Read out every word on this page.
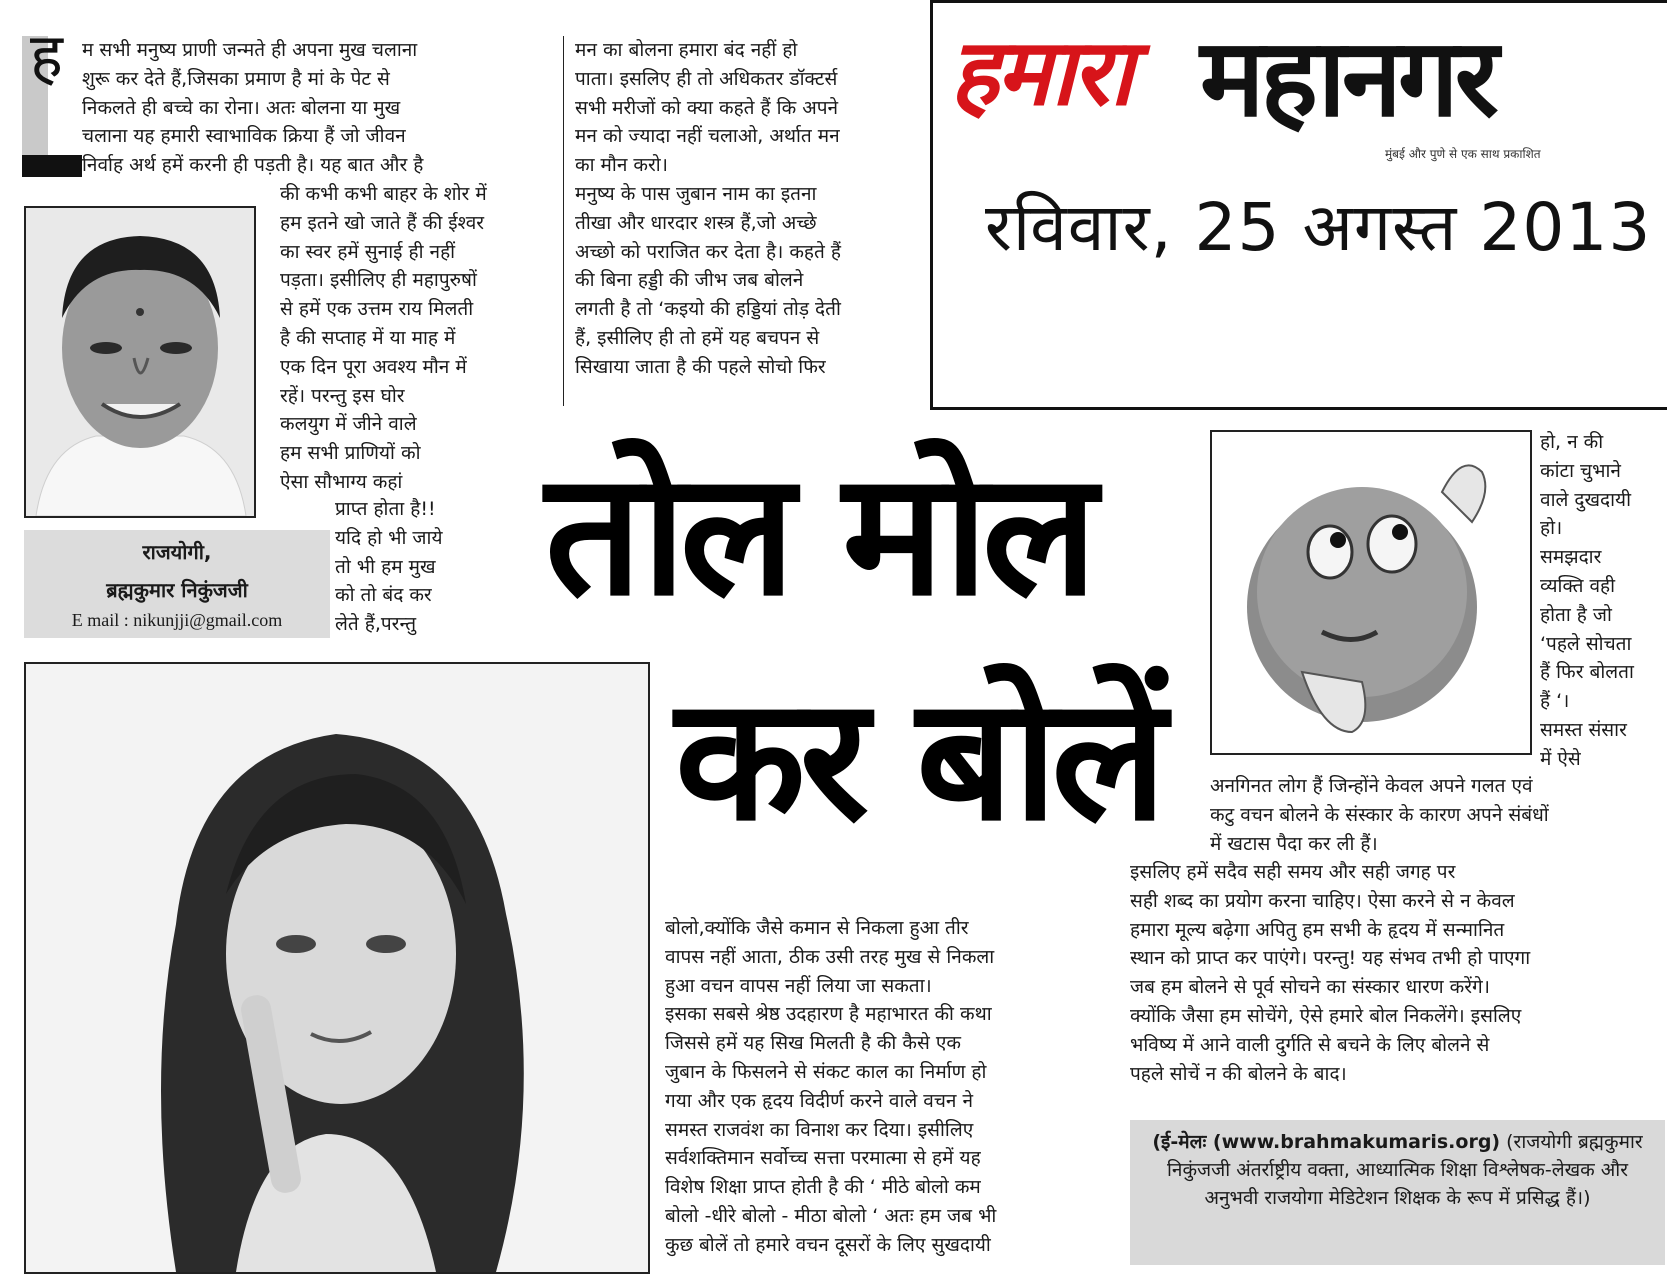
हमारा महानगर
मुंबई और पुणे से एक साथ प्रकाशित
रविवार, 25 अगस्त 2013
ह म सभी मनुष्य प्राणी जन्मते ही अपना मुख चलाना
शुरू कर देते हैं,जिसका प्रमाण है मां के पेट से
निकलते ही बच्चे का रोना। अतः बोलना या मुख
चलाना यह हमारी स्वाभाविक क्रिया हैं जो जीवन
निर्वाह अर्थ हमें करनी ही पड़ती है। यह बात और है
की कभी कभी बाहर के शोर में
हम इतने खो जाते हैं की ईश्वर
का स्वर हमें सुनाई ही नहीं
पड़ता। इसीलिए ही महापुरुषों
से हमें एक उत्तम राय मिलती
है की सप्ताह में या माह में
एक दिन पूरा अवश्य मौन में
रहें। परन्तु इस घोर
कलयुग में जीने वाले
हम सभी प्राणियों को
ऐसा सौभाग्य कहां
प्राप्त होता है!!
यदि हो भी जाये
तो भी हम मुख
को तो बंद कर
लेते हैं,परन्तु
राजयोगी,
ब्रह्मकुमार निकुंजजी
E mail : nikunjji@gmail.com
मन का बोलना हमारा बंद नहीं हो
पाता। इसलिए ही तो अधिकतर डॉक्टर्स
सभी मरीजों को क्या कहते हैं कि अपने
मन को ज्यादा नहीं चलाओ, अर्थात मन
का मौन करो।
मनुष्य के पास जुबान नाम का इतना
तीखा और धारदार शस्त्र हैं,जो अच्छे
अच्छो को पराजित कर देता है। कहते हैं
की बिना हड्डी की जीभ जब बोलने
लगती है तो ‘कइयो की हड्डियां तोड़ देती
हैं, इसीलिए ही तो हमें यह बचपन से
सिखाया जाता है की पहले सोचो फिर
तोल मोल
कर बोलें
बोलो,क्योंकि जैसे कमान से निकला हुआ तीर
वापस नहीं आता, ठीक उसी तरह मुख से निकला
हुआ वचन वापस नहीं लिया जा सकता।
इसका सबसे श्रेष्ठ उदहारण है महाभारत की कथा
जिससे हमें यह सिख मिलती है की कैसे एक
जुबान के फिसलने से संकट काल का निर्माण हो
गया और एक हृदय विदीर्ण करने वाले वचन ने
समस्त राजवंश का विनाश कर दिया। इसीलिए
सर्वशक्तिमान सर्वोच्च सत्ता परमात्मा से हमें यह
विशेष शिक्षा प्राप्त होती है की ‘ मीठे बोलो कम
बोलो -धीरे बोलो - मीठा बोलो ‘ अतः हम जब भी
कुछ बोलें तो हमारे वचन दूसरों के लिए सुखदायी
हो, न की
कांटा चुभाने
वाले दुखदायी
हो।
समझदार
व्यक्ति वही
होता है जो
‘पहले सोचता
हैं फिर बोलता
हैं ‘।
समस्त संसार
में ऐसे
अनगिनत लोग हैं जिन्होंने केवल अपने गलत एवं
कटु वचन बोलने के संस्कार के कारण अपने संबंधों
में खटास पैदा कर ली हैं।
इसलिए हमें सदैव सही समय और सही जगह पर
सही शब्द का प्रयोग करना चाहिए। ऐसा करने से न केवल
हमारा मूल्य बढ़ेगा अपितु हम सभी के हृदय में सन्मानित
स्थान को प्राप्त कर पाएंगे। परन्तु! यह संभव तभी हो पाएगा
जब हम बोलने से पूर्व सोचने का संस्कार धारण करेंगे।
क्योंकि जैसा हम सोचेंगे, ऐसे हमारे बोल निकलेंगे। इसलिए
भविष्य में आने वाली दुर्गति से बचने के लिए बोलने से
पहले सोचें न की बोलने के बाद।
(ई-मेलः (www.brahmakumaris.org) (राजयोगी ब्रह्मकुमार निकुंजजी अंतर्राष्ट्रीय वक्ता, आध्यात्मिक शिक्षा विश्लेषक-लेखक और अनुभवी राजयोगा मेडिटेशन शिक्षक के रूप में प्रसिद्ध हैं।)
